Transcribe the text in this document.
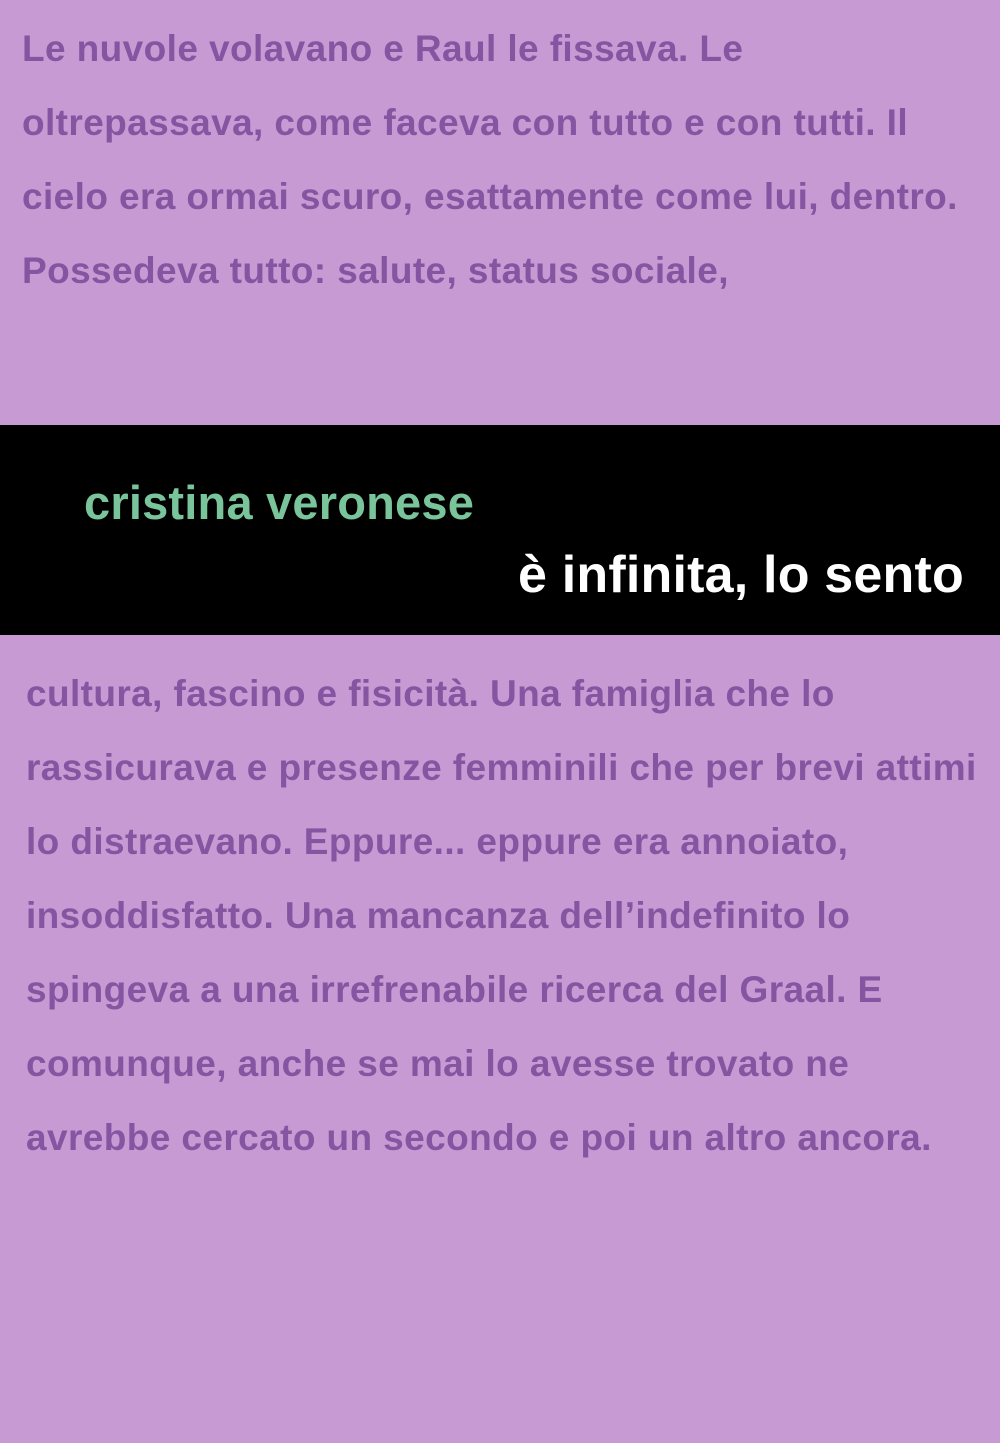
Le nuvole volavano e Raul le fissava. Le oltrepassava, come faceva con tutto e con tutti. Il cielo era ormai scuro, esattamente come lui, dentro. Possedeva tutto: salute, status sociale,
cristina veronese
è infinita, lo sento
cultura, fascino e fisicità. Una famiglia che lo rassicurava e presenze femminili che per brevi attimi lo distraevano. Eppure... eppure era annoiato, insoddisfatto. Una mancanza dell’indefinito lo spingeva a una irrefrenabile ricerca del Graal. E comunque, anche se mai lo avesse trovato ne avrebbe cercato un secondo e poi un altro ancora.
